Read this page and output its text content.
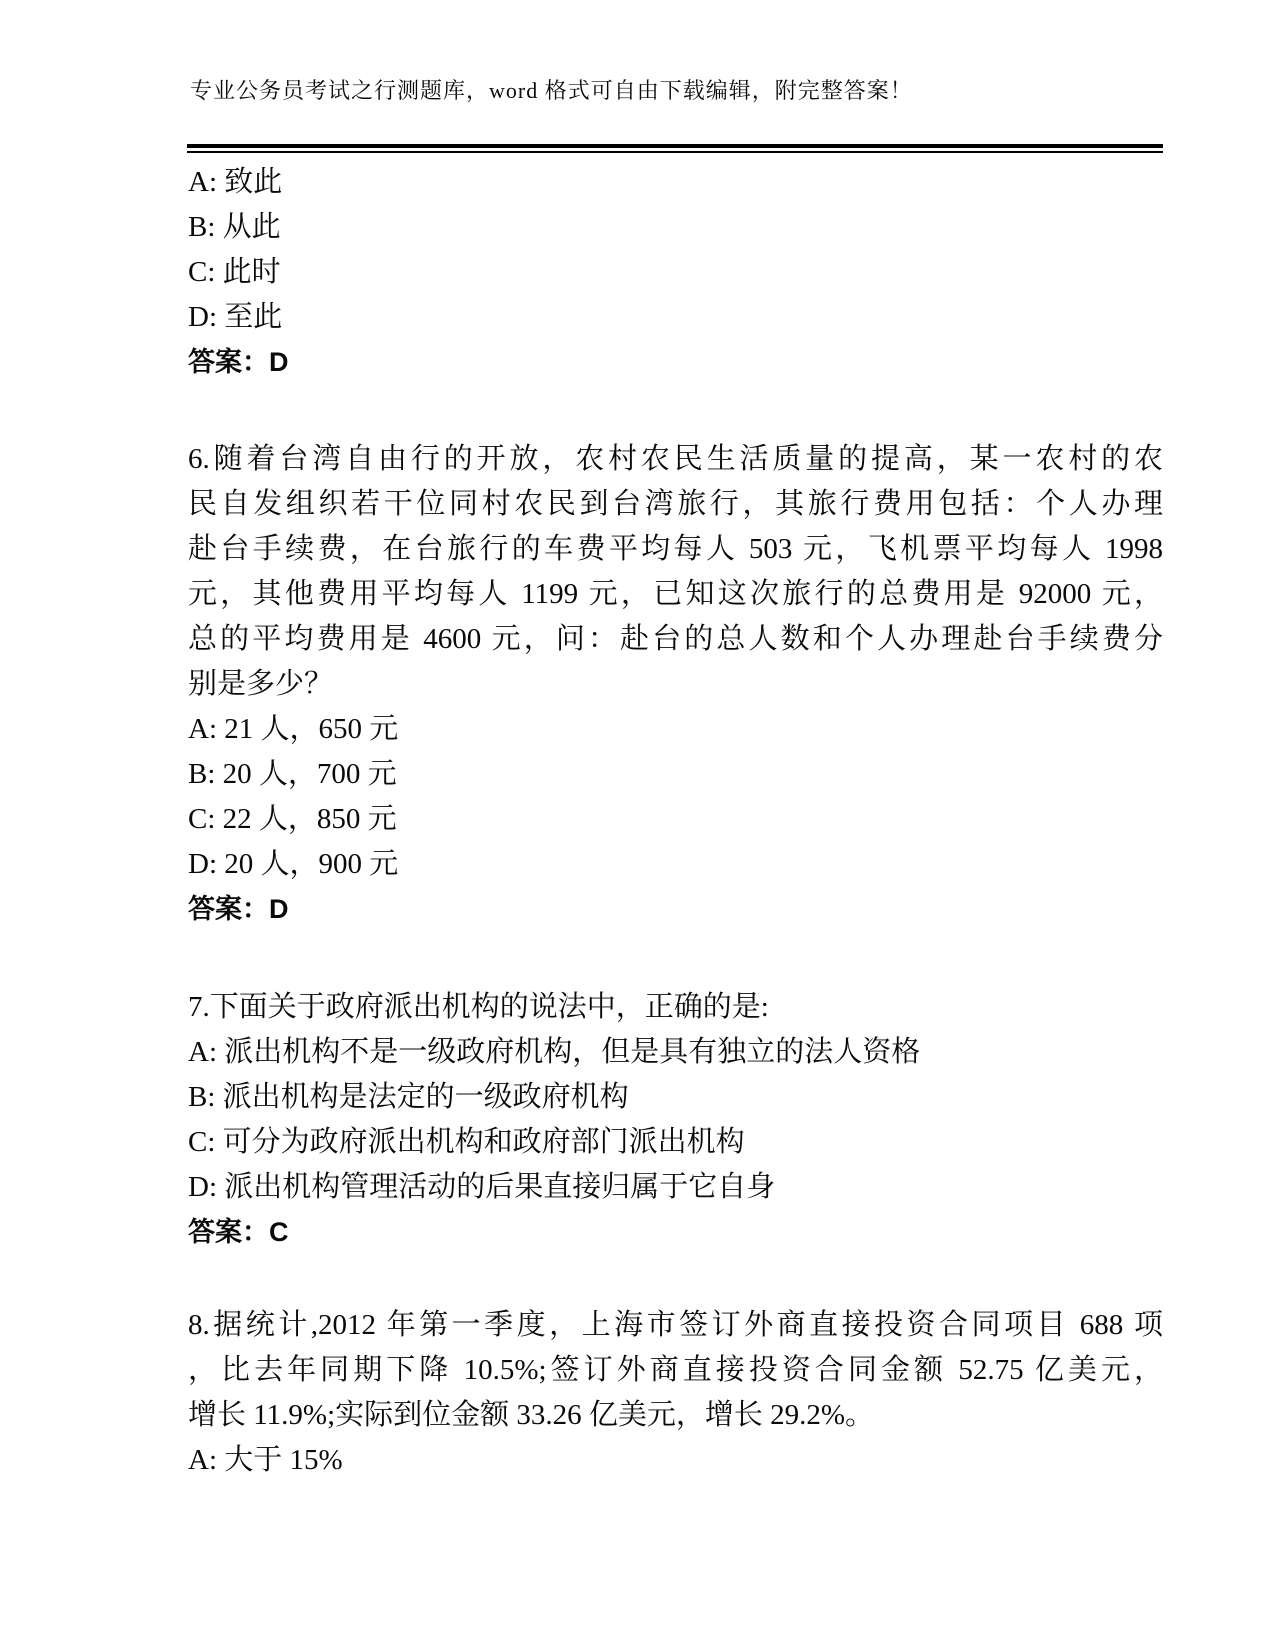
专业公务员考试之行测题库，word 格式可自由下载编辑，附完整答案！
A: 致此
B: 从此
C: 此时
D: 至此
答案：D
6.随着台湾自由行的开放，农村农民生活质量的提高，某一农村的农
民自发组织若干位同村农民到台湾旅行，其旅行费用包括：个人办理
赴台手续费，在台旅行的车费平均每人 503 元，飞机票平均每人 1998
元，其他费用平均每人 1199 元，已知这次旅行的总费用是 92000 元，
总的平均费用是 4600 元，问：赴台的总人数和个人办理赴台手续费分
别是多少？
A: 21 人，650 元
B: 20 人，700 元
C: 22 人，850 元
D: 20 人，900 元
答案：D
7.下面关于政府派出机构的说法中，正确的是:
A: 派出机构不是一级政府机构，但是具有独立的法人资格
B: 派出机构是法定的一级政府机构
C: 可分为政府派出机构和政府部门派出机构
D: 派出机构管理活动的后果直接归属于它自身
答案：C
8.据统计,2012 年第一季度，上海市签订外商直接投资合同项目 688 项
，比去年同期下降 10.5%;签订外商直接投资合同金额 52.75 亿美元，
增长 11.9%;实际到位金额 33.26 亿美元，增长 29.2%。
A: 大于 15%
